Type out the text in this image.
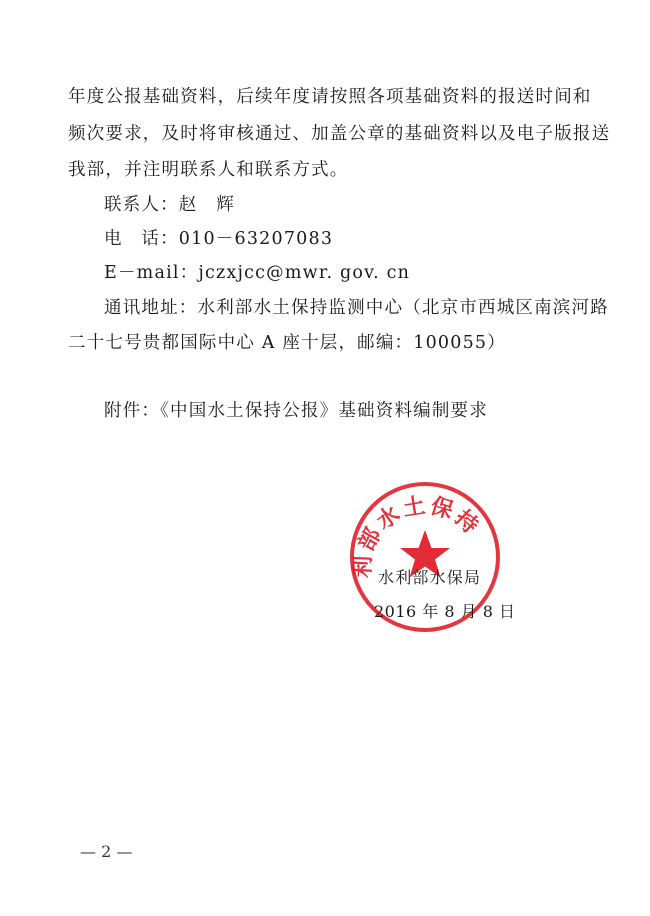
年度公报基础资料，后续年度请按照各项基础资料的报送时间和
频次要求，及时将审核通过、加盖公章的基础资料以及电子版报送
我部，并注明联系人和联系方式。
联系人：赵　辉
电　话：010－63207083
E－mail：jczxjcc@mwr. gov. cn
通讯地址：水利部水土保持监测中心（北京市西城区南滨河路
二十七号贵都国际中心 A 座十层，邮编：100055）
附件：《中国水土保持公报》基础资料编制要求
利部水土保持
水利部水保局
2016 年 8 月 8 日
— 2 —
